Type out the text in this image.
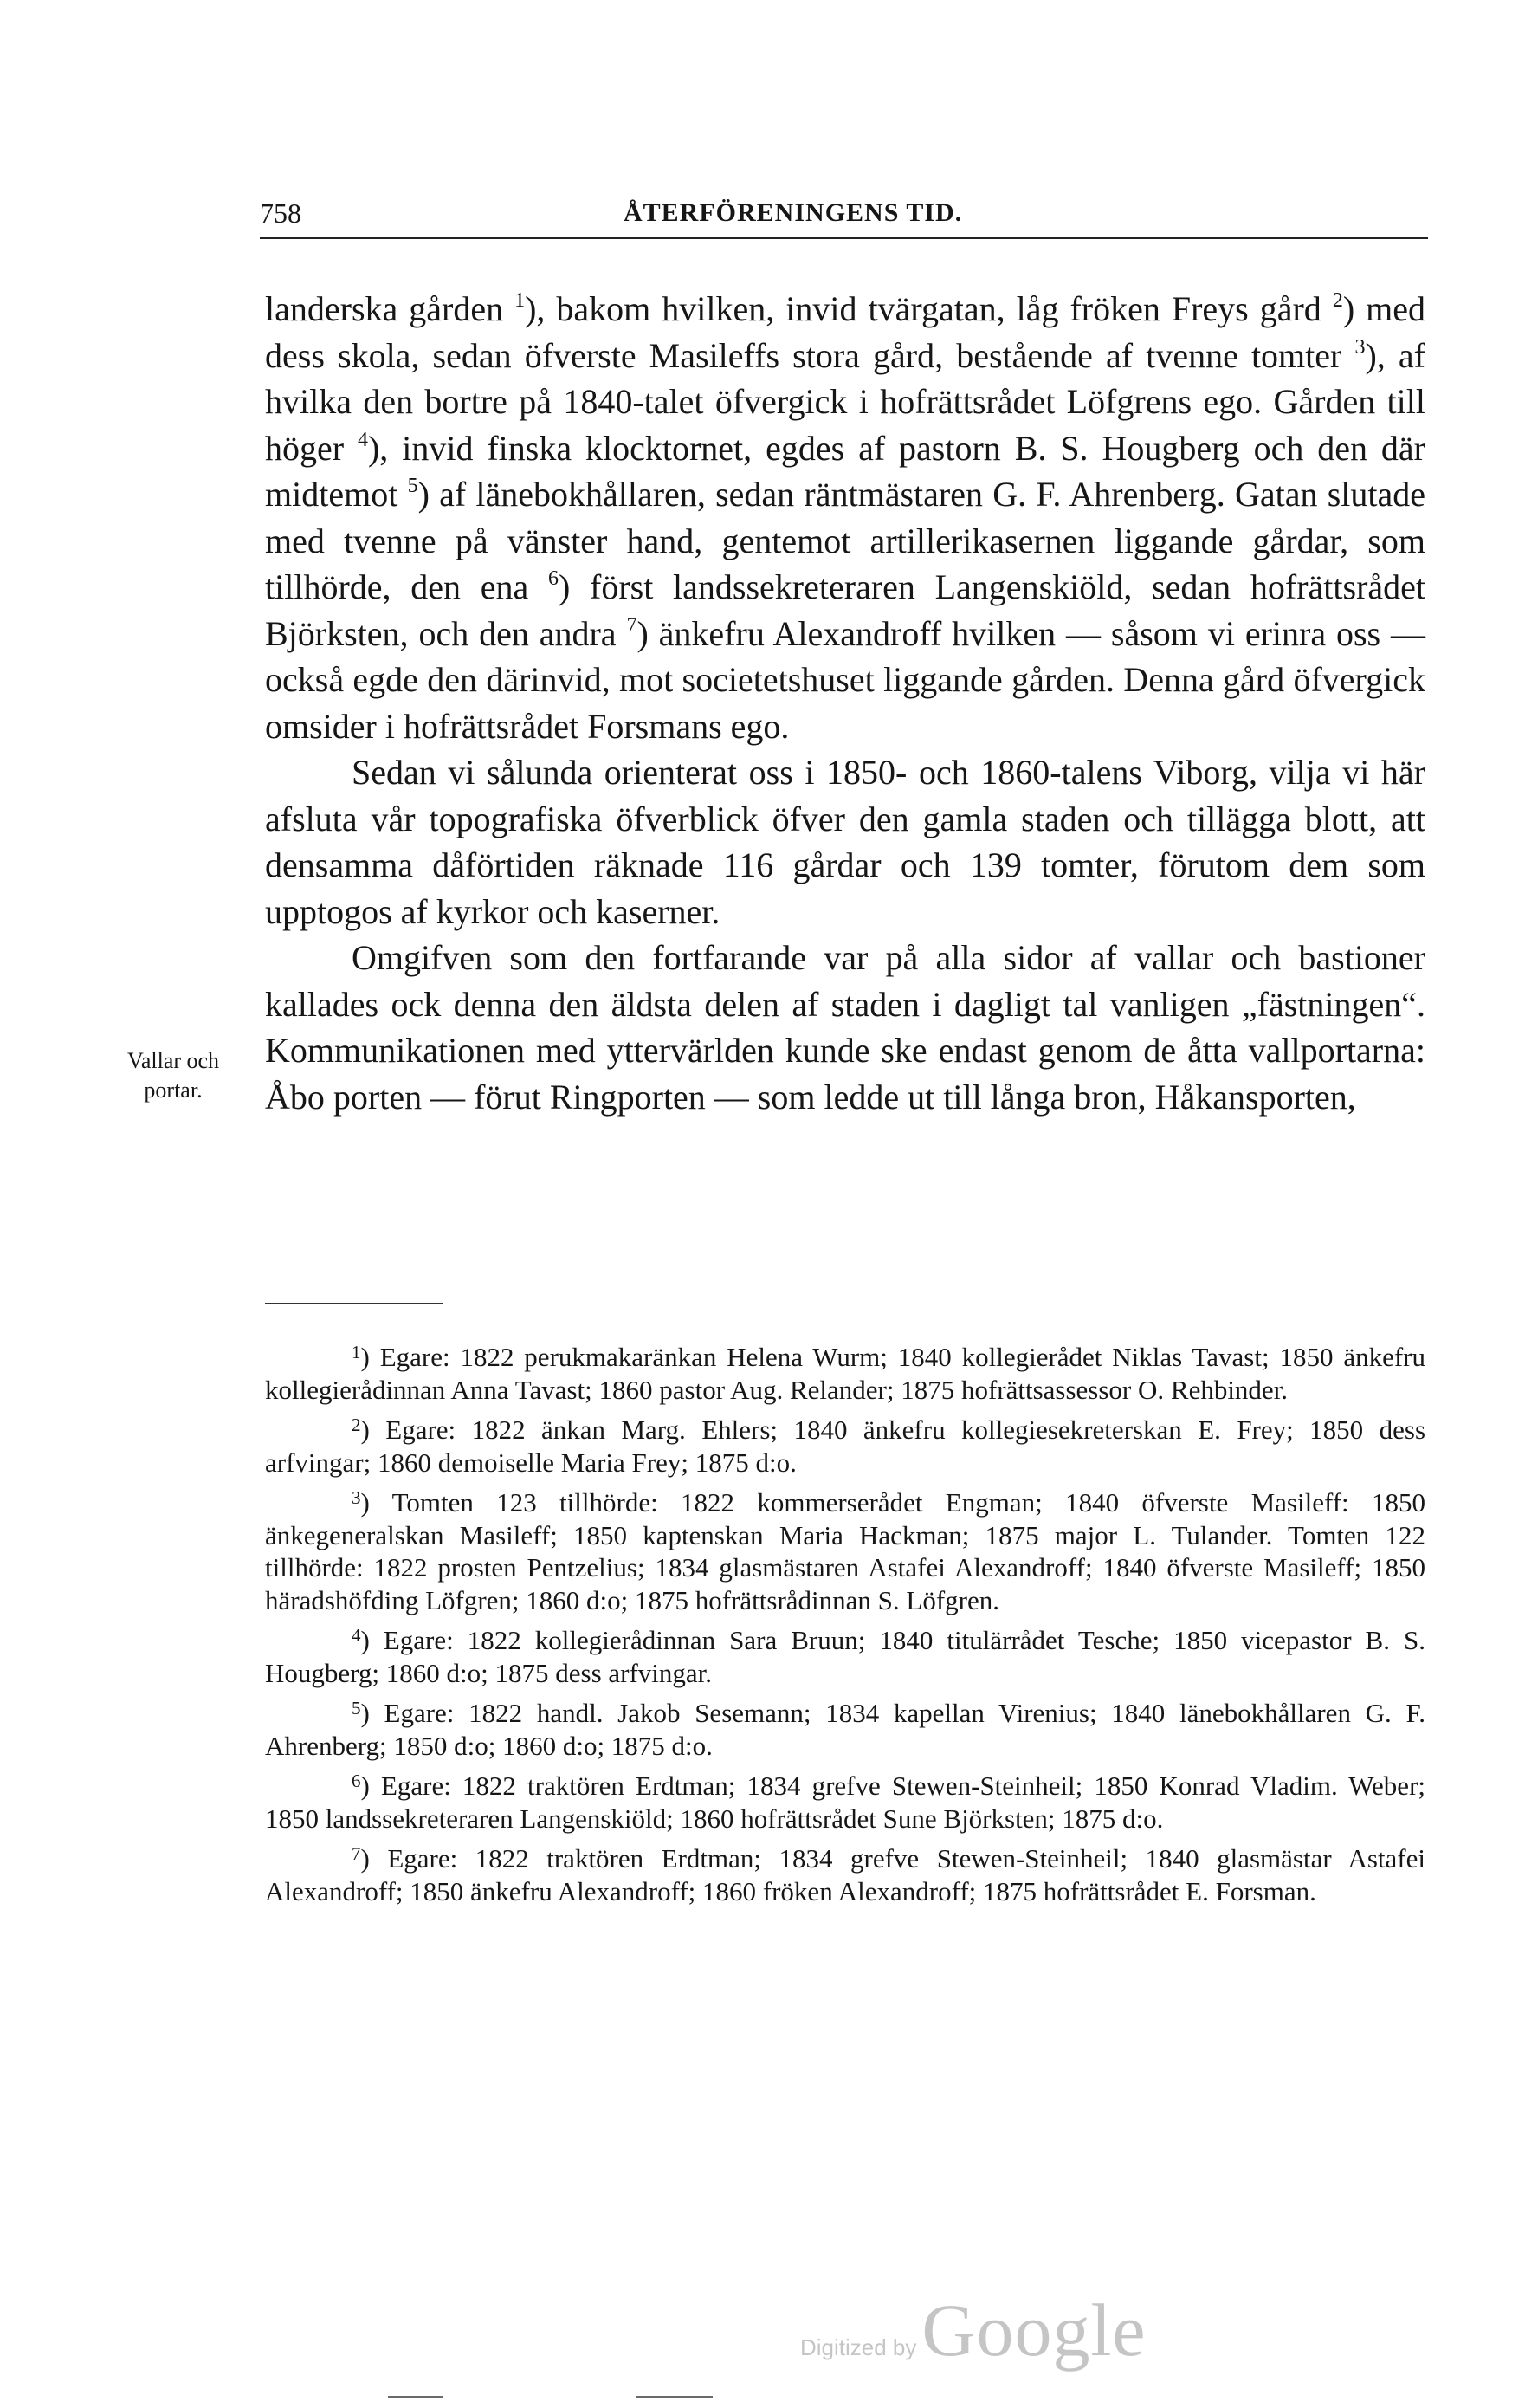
758	ÅTERFÖRENINGENS TID.

landerska gården $^1$), bakom hvilken, invid tvärgatan, låg fröken Freys gård $^2$) med dess skola, sedan öfverste Masileffs stora gård, bestående af tvenne tomter $^3$), af hvilka den bortre på 1840-talet öfvergick i hofrättsrådet Löfgrens ego. Gården till höger $^4$), invid finska klocktornet, egdes af pastorn B. S. Hougberg och den där midtemot $^5$) af länebokhållaren, sedan räntmästaren G. F. Ahrenberg. Gatan slutade med tvenne på vänster hand, gentemot artillerikasernen liggande gårdar, som tillhörde, den ena $^6$) först landssekreteraren Langenskiöld, sedan hofrättsrådet Björksten, och den andra $^7$) änkefru Alexandroff hvilken — såsom vi erinra oss — också egde den därinvid, mot societetshuset liggande gården. Denna gård öfvergick omsider i hofrättsrådet Forsmans ego.

Sedan vi sålunda orienterat oss i 1850- och 1860-talens Viborg, vilja vi här afsluta vår topografiska öfverblick öfver den gamla staden och tillägga blott, att densamma dåförtiden räknade 116 gårdar och 139 tomter, förutom dem som upptogos af kyrkor och kaserner.

Omgifven som den fortfarande var på alla sidor af vallar och bastioner kallades ock denna den äldsta delen af staden i dagligt tal vanligen „fästningen“. Kommunikationen med yttervärlden kunde ske endast genom de åtta vallportarna: Åbo porten — förut Ringporten — som ledde ut till långa bron, Håkansporten,

Vallar och
portar.

$^1$) Egare: 1822 perukmakaränkan Helena Wurm; 1840 kollegierådet Niklas Tavast; 1850 änkefru kollegierådinnan Anna Tavast; 1860 pastor Aug. Relander; 1875 hofrättsassessor O. Rehbinder.

$^2$) Egare: 1822 änkan Marg. Ehlers; 1840 änkefru kollegiesekreterskan E. Frey; 1850 dess arfvingar; 1860 demoiselle Maria Frey; 1875 d:o.

$^3$) Tomten 123 tillhörde: 1822 kommerserådet Engman; 1840 öfverste Masileff: 1850 änkegeneralskan Masileff; 1850 kaptenskan Maria Hackman; 1875 major L. Tulander. Tomten 122 tillhörde: 1822 prosten Pentzelius; 1834 glasmästaren Astafei Alexandroff; 1840 öfverste Masileff; 1850 häradshöfding Löfgren; 1860 d:o; 1875 hofrättsrådinnan S. Löfgren.

$^4$) Egare: 1822 kollegierådinnan Sara Bruun; 1840 titulärrådet Tesche; 1850 vicepastor B. S. Hougberg; 1860 d:o; 1875 dess arfvingar.

$^5$) Egare: 1822 handl. Jakob Sesemann; 1834 kapellan Virenius; 1840 länebokhållaren G. F. Ahrenberg; 1850 d:o; 1860 d:o; 1875 d:o.

$^6$) Egare: 1822 traktören Erdtman; 1834 grefve Stewen-Steinheil; 1850 Konrad Vladim. Weber; 1850 landssekreteraren Langenskiöld; 1860 hofrättsrådet Sune Björksten; 1875 d:o.

$^7$) Egare: 1822 traktören Erdtman; 1834 grefve Stewen-Steinheil; 1840 glasmästar Astafei Alexandroff; 1850 änkefru Alexandroff; 1860 fröken Alexandroff; 1875 hofrättsrådet E. Forsman.

Digitized by Google
